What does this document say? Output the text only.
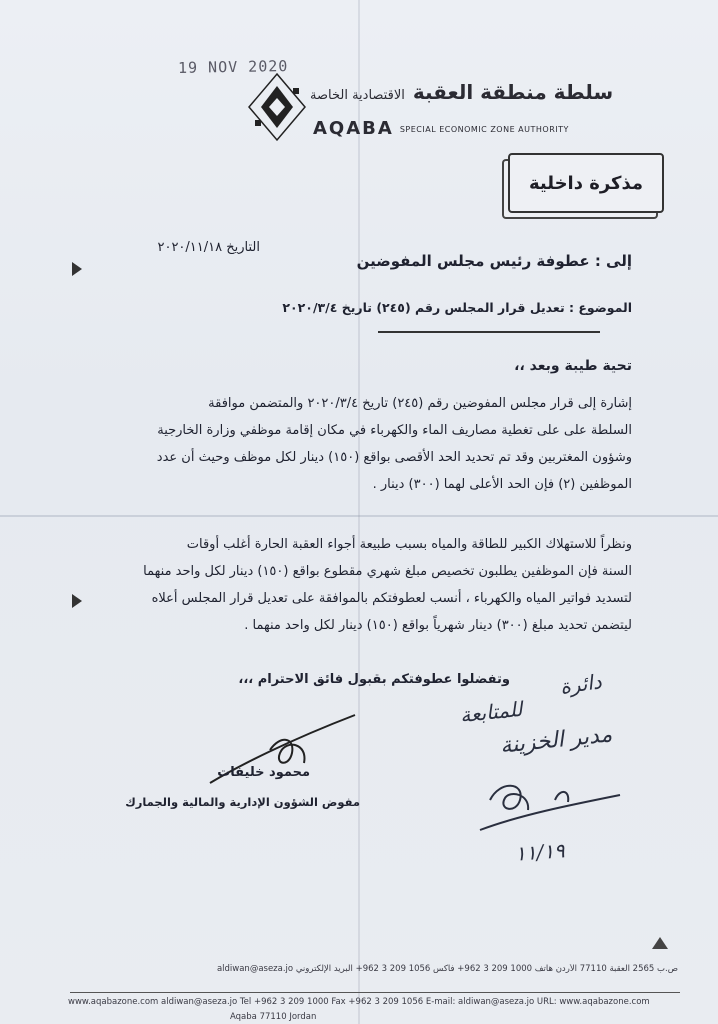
19 NOV 2020
سلطة منطقة العقبةالاقتصادية الخاصة
AQABA SPECIAL ECONOMIC ZONE AUTHORITY
مذكرة داخلية
التاريخ ٢٠٢٠/١١/١٨
إلى : عطوفة رئيس مجلس المفوضين
الموضوع : تعديل قرار المجلس رقم (٢٤٥) تاريخ ٢٠٢٠/٣/٤
تحية طيبة وبعد ،،
إشارة إلى قرار مجلس المفوضين رقم (٢٤٥) تاريخ ٢٠٢٠/٣/٤ والمتضمن موافقة
السلطة على على تغطية مصاريف الماء والكهرباء في مكان إقامة موظفي وزارة الخارجية
وشؤون المغتربين وقد تم تحديد الحد الأقصى بواقع (١٥٠) دينار لكل موظف وحيث أن عدد
الموظفين (٢) فإن الحد الأعلى لهما (٣٠٠) دينار .
ونظراً للاستهلاك الكبير للطاقة والمياه بسبب طبيعة أجواء العقبة الحارة أغلب أوقات
السنة فإن الموظفين يطلبون تخصيص مبلغ شهري مقطوع بواقع (١٥٠) دينار لكل واحد منهما
لتسديد فواتير المياه والكهرباء ، أنسب لعطوفتكم بالموافقة على تعديل قرار المجلس أعلاه
ليتضمن تحديد مبلغ (٣٠٠) دينار شهرياً بواقع (١٥٠) دينار لكل واحد منهما .
وتفضلوا عطوفتكم بقبول فائق الاحترام ،،،
محمود خليفات
مفوض الشؤون الإدارية والمالية والجمارك
دائرة
للمتابعة
مدير الخزينة
١١/١٩
ص.ب 2565 العقبة 77110 الأردن هاتف 1000 209 3 962+ فاكس 1056 209 3 962+ البريد الإلكتروني aldiwan@aseza.jo
www.aqabazone.com aldiwan@aseza.jo Tel +962 3 209 1000 Fax +962 3 209 1056 E-mail: aldiwan@aseza.jo URL: www.aqabazone.com
Aqaba 77110 Jordan
